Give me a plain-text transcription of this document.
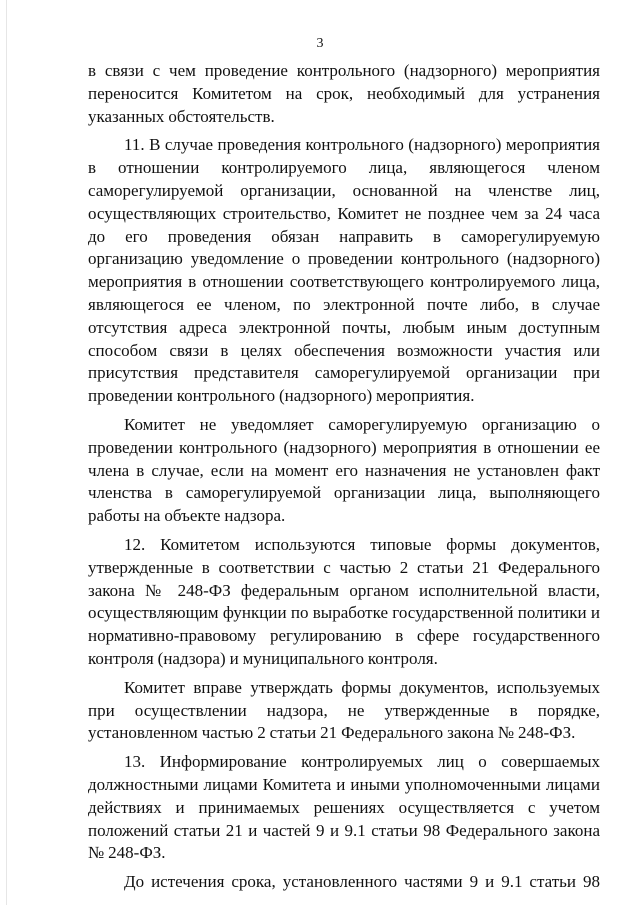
3

в связи с чем проведение контрольного (надзорного) мероприятия переносится Комитетом на срок, необходимый для устранения указанных обстоятельств.

11. В случае проведения контрольного (надзорного) мероприятия в отношении контролируемого лица, являющегося членом саморегулируемой организации, основанной на членстве лиц, осуществляющих строительство, Комитет не позднее чем за 24 часа до его проведения обязан направить в саморегулируемую организацию уведомление о проведении контрольного (надзорного) мероприятия в отношении соответствующего контролируемого лица, являющегося ее членом, по электронной почте либо, в случае отсутствия адреса электронной почты, любым иным доступным способом связи в целях обеспечения возможности участия или присутствия представителя саморегулируемой организации при проведении контрольного (надзорного) мероприятия.

Комитет не уведомляет саморегулируемую организацию о проведении контрольного (надзорного) мероприятия в отношении ее члена в случае, если на момент его назначения не установлен факт членства в саморегулируемой организации лица, выполняющего работы на объекте надзора.

12. Комитетом используются типовые формы документов, утвержденные в соответствии с частью 2 статьи 21 Федерального закона № 248-ФЗ федеральным органом исполнительной власти, осуществляющим функции по выработке государственной политики и нормативно-правовому регулированию в сфере государственного контроля (надзора) и муниципального контроля.

Комитет вправе утверждать формы документов, используемых при осуществлении надзора, не утвержденные в порядке, установленном частью 2 статьи 21 Федерального закона № 248-ФЗ.

13. Информирование контролируемых лиц о совершаемых должностными лицами Комитета и иными уполномоченными лицами действиях и принимаемых решениях осуществляется с учетом положений статьи 21 и частей 9 и 9.1 статьи 98 Федерального закона № 248-ФЗ.

До истечения срока, установленного частями 9 и 9.1 статьи 98
